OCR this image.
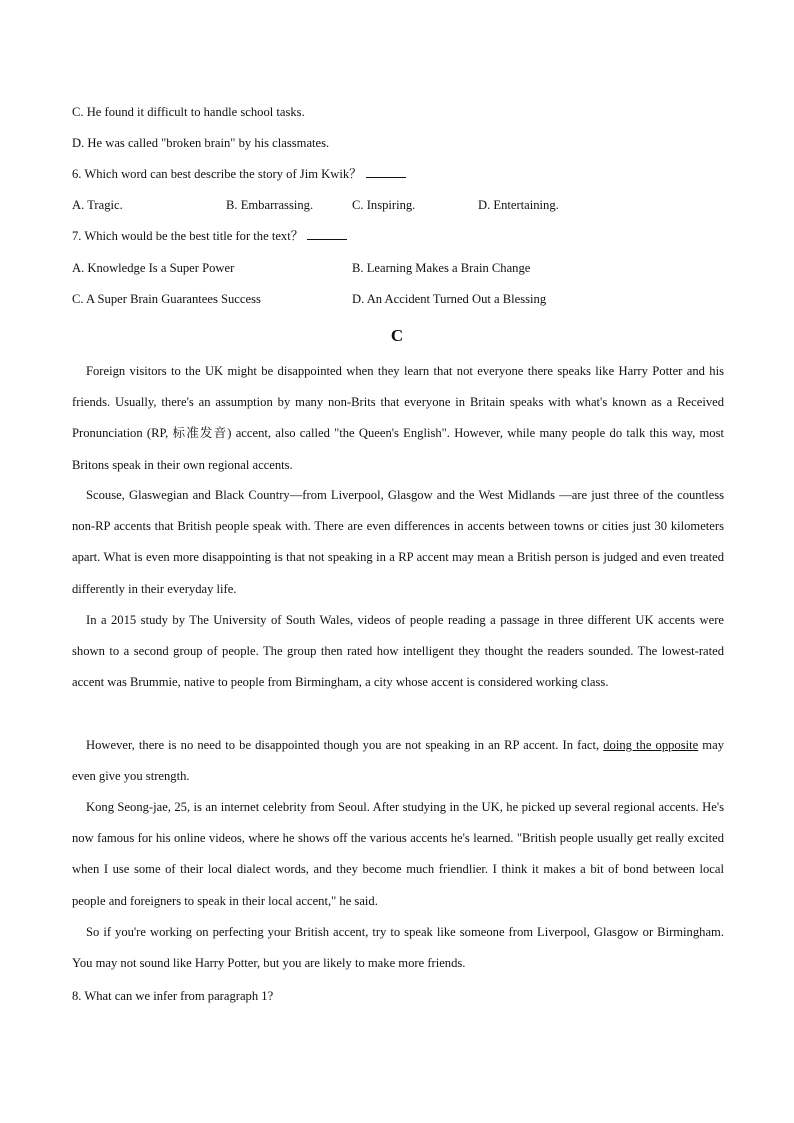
C. He found it difficult to handle school tasks.
D. He was called "broken brain" by his classmates.
6. Which word can best describe the story of Jim Kwik？
A. Tragic.	B. Embarrassing.	C. Inspiring.	D. Entertaining.
7. Which would be the best title for the text？
A. Knowledge Is a Super Power	B. Learning Makes a Brain Change
C. A Super Brain Guarantees Success	D. An Accident Turned Out a Blessing
C
Foreign visitors to the UK might be disappointed when they learn that not everyone there speaks like Harry Potter and his friends. Usually, there's an assumption by many non-Brits that everyone in Britain speaks with what's known as a Received Pronunciation (RP, 标准发音) accent, also called "the Queen's English". However, while many people do talk this way, most Britons speak in their own regional accents.
Scouse, Glaswegian and Black Country—from Liverpool, Glasgow and the West Midlands —are just three of the countless non-RP accents that British people speak with. There are even differences in accents between towns or cities just 30 kilometers apart. What is even more disappointing is that not speaking in a RP accent may mean a British person is judged and even treated differently in their everyday life.
In a 2015 study by The University of South Wales, videos of people reading a passage in three different UK accents were shown to a second group of people. The group then rated how intelligent they thought the readers sounded. The lowest-rated accent was Brummie, native to people from Birmingham, a city whose accent is considered working class.
However, there is no need to be disappointed though you are not speaking in an RP accent. In fact, doing the opposite may even give you strength.
Kong Seong-jae, 25, is an internet celebrity from Seoul. After studying in the UK, he picked up several regional accents. He's now famous for his online videos, where he shows off the various accents he's learned. "British people usually get really excited when I use some of their local dialect words, and they become much friendlier. I think it makes a bit of bond between local people and foreigners to speak in their local accent," he said.
So if you're working on perfecting your British accent, try to speak like someone from Liverpool, Glasgow or Birmingham. You may not sound like Harry Potter, but you are likely to make more friends.
8. What can we infer from paragraph 1?
